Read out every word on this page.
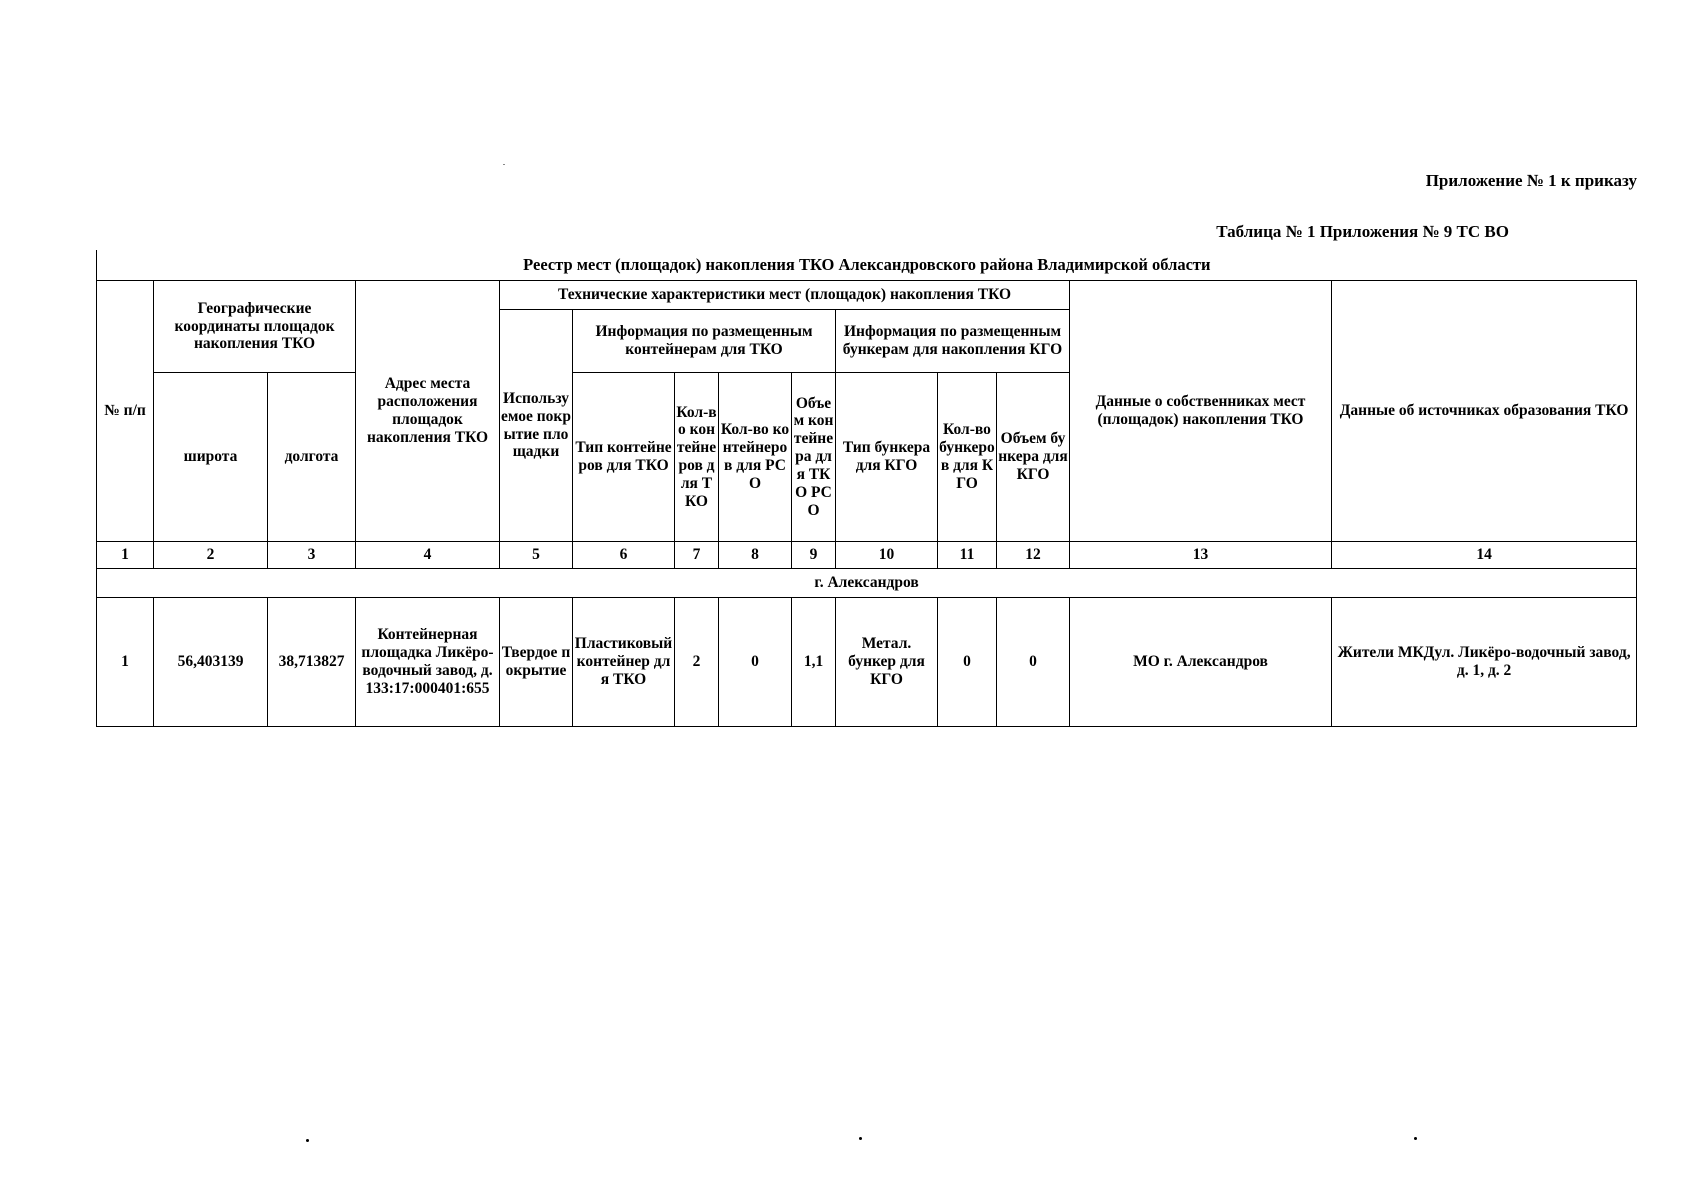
Приложение № 1 к приказу
Таблица № 1 Приложения № 9 ТС ВО
Реестр мест (площадок) накопления ТКО Александровского района Владимирской области													
№ п/п	Географические координаты площадок накопления ТКО		Адрес места расположения площадок накопления ТКО	Технические характеристики мест (площадок) накопления ТКО								Данные о собственниках мест (площадок) накопления ТКО	Данные об источниках образования ТКО
				Используемое покрытие площадки	Информация по размещенным контейнерам для ТКО				Информация по размещенным бункерам для накопления КГО				
	широта	долгота			Тип контейнеров для ТКО	Кол-во контейнеров для ТКО	Кол-во контейнеров для РСО	Объем контейнера для ТКО РСО	Тип бункера для КГО	Кол-во бункеров для КГО	Объем бункера для КГО		
1	2	3	4	5	6	7	8	9	10	11	12	13	14
г. Александров													
1	56,403139	38,713827	Контейнерная площадка Ликёро-водочный завод, д. 133:17:000401:655	Твердое покрытие	Пластиковый контейнер для ТКО	2	0	1,1	Метал. бункер для КГО	0	0	МО г. Александров	Жители МКДул. Ликёро-водочный завод, д. 1, д. 2
